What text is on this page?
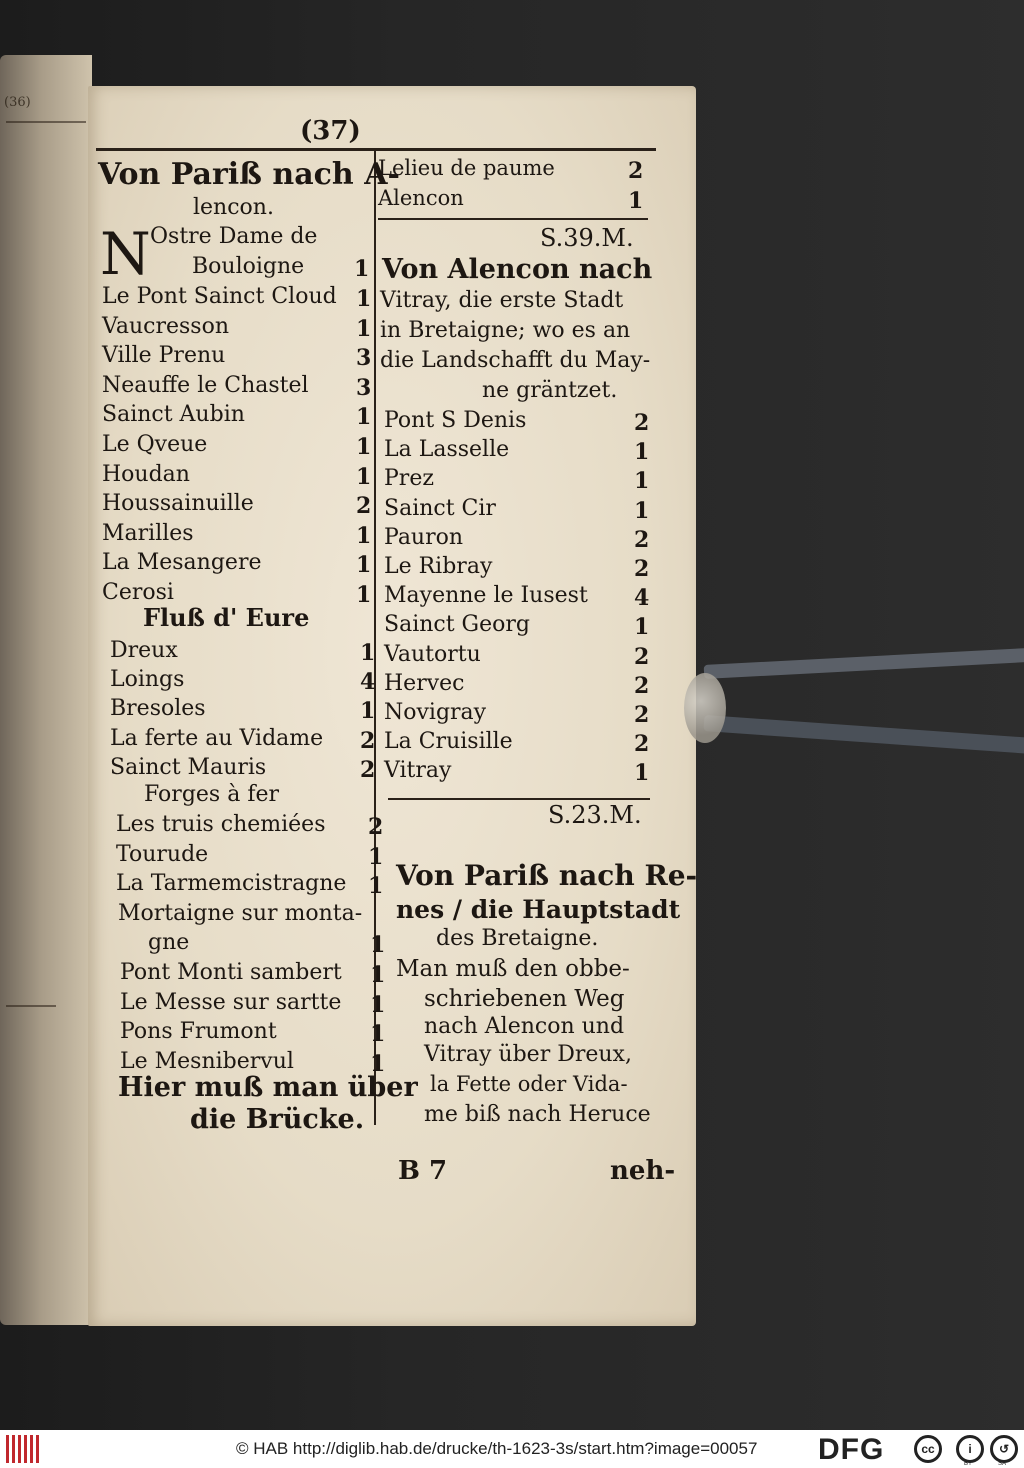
(36)
(37)
Von Pariß nach A-
lencon.
N Ostre Dame de
Bouloigne 1
Le Pont Sainct Cloud 1
Vaucresson	1
Ville Prenu	3
Neauffe le Chastel 3
Sainct Aubin	1
Le Qveue	1
Houdan	1
Houssainuille	2
Marilles	1
La Mesangere	1
Cerosi	1
Fluß d' Eure
Dreux	1
Loings	4
Bresoles	1
La ferte au Vidame 2
Sainct Mauris	2
Forges à fer
Les truis chemiées 2
Tourude	1
La Tarmemcistragne 1
Mortaigne sur monta-
gne	1
Pont Monti sambert 1
Le Messe sur sartte 1
Pons Frumont	1
Le Mesnibervul	1
Hier muß man über
die Brücke.
Lelieu de paume	2
Alencon	1
S.39.M.
Von Alencon nach
Vitray, die erste Stadt
in Bretaigne; wo es an
die Landschafft du May-
ne gräntzet.
Pont S Denis	2
La Lasselle	1
Prez	1
Sainct Cir	1
Pauron	2
Le Ribray	2
Mayenne le Iusest 4
Sainct Georg	1
Vautortu	2
Hervec	2
Novigray	2
La Cruisille	2
Vitray	1
S.23.M.
Von Pariß nach Re-
nes / die Hauptstadt
des Bretaigne.
Man muß den obbe-
schriebenen Weg
nach Alencon und
Vitray über Dreux,
la Fette oder Vida-
me biß nach Heruce
B 7	neh-
© HAB http://diglib.hab.de/drucke/th-1623-3s/start.htm?image=00057 DFG	cc	i	↺
BY	SA
